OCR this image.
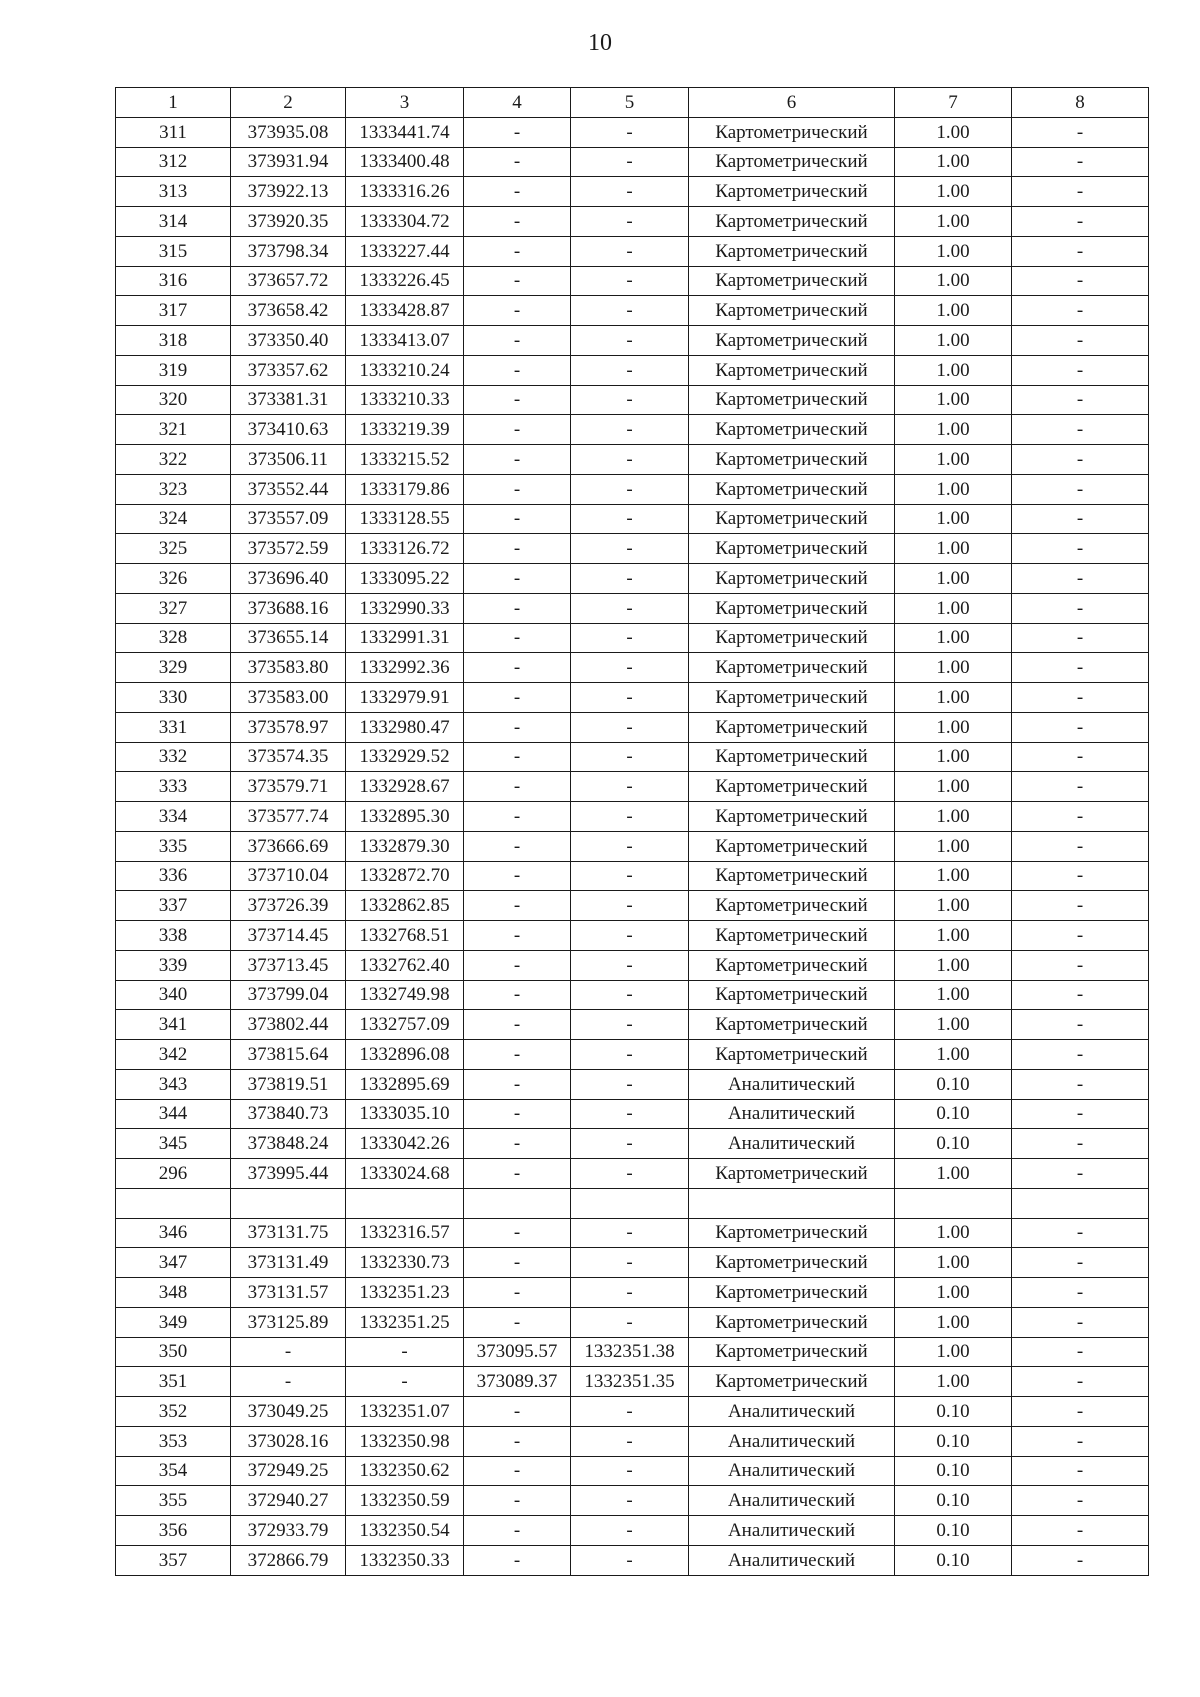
10
1	2	3	4	5	6	7	8
311	373935.08	1333441.74	-	-	Картометрический	1.00	-
312	373931.94	1333400.48	-	-	Картометрический	1.00	-
313	373922.13	1333316.26	-	-	Картометрический	1.00	-
314	373920.35	1333304.72	-	-	Картометрический	1.00	-
315	373798.34	1333227.44	-	-	Картометрический	1.00	-
316	373657.72	1333226.45	-	-	Картометрический	1.00	-
317	373658.42	1333428.87	-	-	Картометрический	1.00	-
318	373350.40	1333413.07	-	-	Картометрический	1.00	-
319	373357.62	1333210.24	-	-	Картометрический	1.00	-
320	373381.31	1333210.33	-	-	Картометрический	1.00	-
321	373410.63	1333219.39	-	-	Картометрический	1.00	-
322	373506.11	1333215.52	-	-	Картометрический	1.00	-
323	373552.44	1333179.86	-	-	Картометрический	1.00	-
324	373557.09	1333128.55	-	-	Картометрический	1.00	-
325	373572.59	1333126.72	-	-	Картометрический	1.00	-
326	373696.40	1333095.22	-	-	Картометрический	1.00	-
327	373688.16	1332990.33	-	-	Картометрический	1.00	-
328	373655.14	1332991.31	-	-	Картометрический	1.00	-
329	373583.80	1332992.36	-	-	Картометрический	1.00	-
330	373583.00	1332979.91	-	-	Картометрический	1.00	-
331	373578.97	1332980.47	-	-	Картометрический	1.00	-
332	373574.35	1332929.52	-	-	Картометрический	1.00	-
333	373579.71	1332928.67	-	-	Картометрический	1.00	-
334	373577.74	1332895.30	-	-	Картометрический	1.00	-
335	373666.69	1332879.30	-	-	Картометрический	1.00	-
336	373710.04	1332872.70	-	-	Картометрический	1.00	-
337	373726.39	1332862.85	-	-	Картометрический	1.00	-
338	373714.45	1332768.51	-	-	Картометрический	1.00	-
339	373713.45	1332762.40	-	-	Картометрический	1.00	-
340	373799.04	1332749.98	-	-	Картометрический	1.00	-
341	373802.44	1332757.09	-	-	Картометрический	1.00	-
342	373815.64	1332896.08	-	-	Картометрический	1.00	-
343	373819.51	1332895.69	-	-	Аналитический	0.10	-
344	373840.73	1333035.10	-	-	Аналитический	0.10	-
345	373848.24	1333042.26	-	-	Аналитический	0.10	-
296	373995.44	1333024.68	-	-	Картометрический	1.00	-

346	373131.75	1332316.57	-	-	Картометрический	1.00	-
347	373131.49	1332330.73	-	-	Картометрический	1.00	-
348	373131.57	1332351.23	-	-	Картометрический	1.00	-
349	373125.89	1332351.25	-	-	Картометрический	1.00	-
350	-	-	373095.57	1332351.38	Картометрический	1.00	-
351	-	-	373089.37	1332351.35	Картометрический	1.00	-
352	373049.25	1332351.07	-	-	Аналитический	0.10	-
353	373028.16	1332350.98	-	-	Аналитический	0.10	-
354	372949.25	1332350.62	-	-	Аналитический	0.10	-
355	372940.27	1332350.59	-	-	Аналитический	0.10	-
356	372933.79	1332350.54	-	-	Аналитический	0.10	-
357	372866.79	1332350.33	-	-	Аналитический	0.10	-
